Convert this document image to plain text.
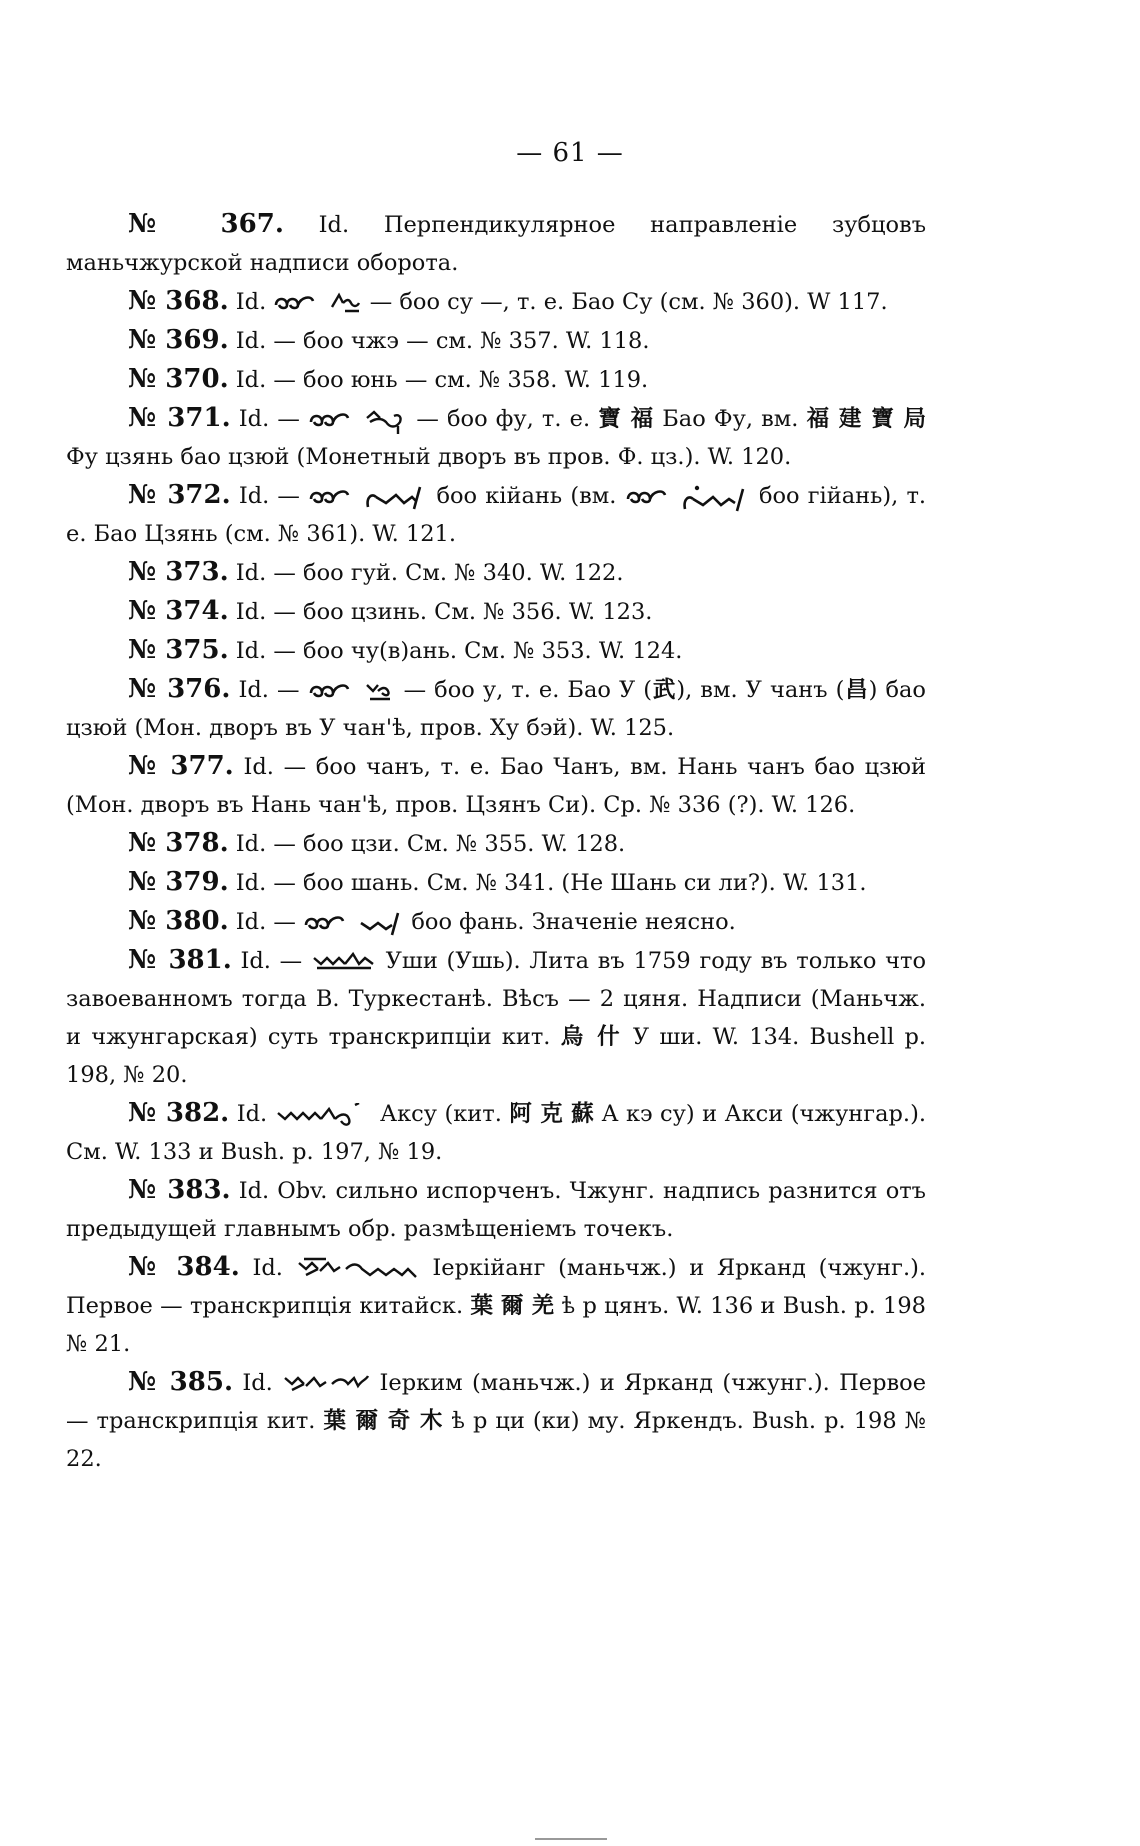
— 61 —

№ 367. Id. Перпендикулярное направленіе зубцовъ маньчжурской надписи оборота.

№ 368. Id.
	— боо су —, т. е. Бао Су (см. № 360). W 117.

№ 369. Id. — боо чжэ — см. № 357. W. 118.

№ 370. Id. — боо юнь — см. № 358. W. 119.

№ 371. Id. —
	— боо фу, т. е. 寶 福 Бао Фу, вм. 福 建 寶 局 Фу цзянь бао цзюй (Монетный дворъ въ пров. Ф. цз.). W. 120.

№ 372. Id. —
	боо кійань (вм.
	боо гійань), т. е. Бао Цзянь (см. № 361). W. 121.

№ 373. Id. — боо гуй. См. № 340. W. 122.

№ 374. Id. — боо цзинь. См. № 356. W. 123.

№ 375. Id. — боо чу(в)ань. См. № 353. W. 124.

№ 376. Id. —
	— боо у, т. е. Бао У (武), вм. У чанъ (昌) бао цзюй (Мон. дворъ въ У чан'ѣ, пров. Ху бэй). W. 125.

№ 377. Id. — боо чанъ, т. е. Бао Чанъ, вм. Нань чанъ бао цзюй (Мон. дворъ въ Нань чан'ѣ, пров. Цзянъ Си). Ср. № 336 (?). W. 126.

№ 378. Id. — боо цзи. См. № 355. W. 128.

№ 379. Id. — боо шань. См. № 341. (Не Шань си ли?). W. 131.

№ 380. Id. —
	боо фань. Значеніе неясно.

№ 381. Id. —	Уши (Ушь). Лита въ 1759 году въ только что завоеванномъ тогда В. Туркестанѣ. Вѣсъ — 2 цяня. Надписи (Маньчж. и чжунгарская) суть транскрипціи кит. 烏 什 У ши. W. 134. Bushell p. 198, № 20.

№ 382. Id.	Аксу (кит. 阿 克 蘇 А кэ су) и Акси (чжунгар.). См. W. 133 и Bush. p. 197, № 19.

№ 383. Id. Obv. сильно испорченъ. Чжунг. надпись разнится отъ предыдущей главнымъ обр. размѣщеніемъ точекъ.

№ 384. Id.	Іеркійанг (маньчж.) и Ярканд (чжунг.). Первое — транскрипція китайск. 葉 爾 羌 ѣ р цянъ. W. 136 и Bush. p. 198 № 21.

№ 385. Id.	Іерким (маньчж.) и Ярканд (чжунг.). Первое — транскрипція кит. 葉 爾 奇 木 ѣ р ци (ки) му. Яркендъ. Bush. p. 198 № 22.
